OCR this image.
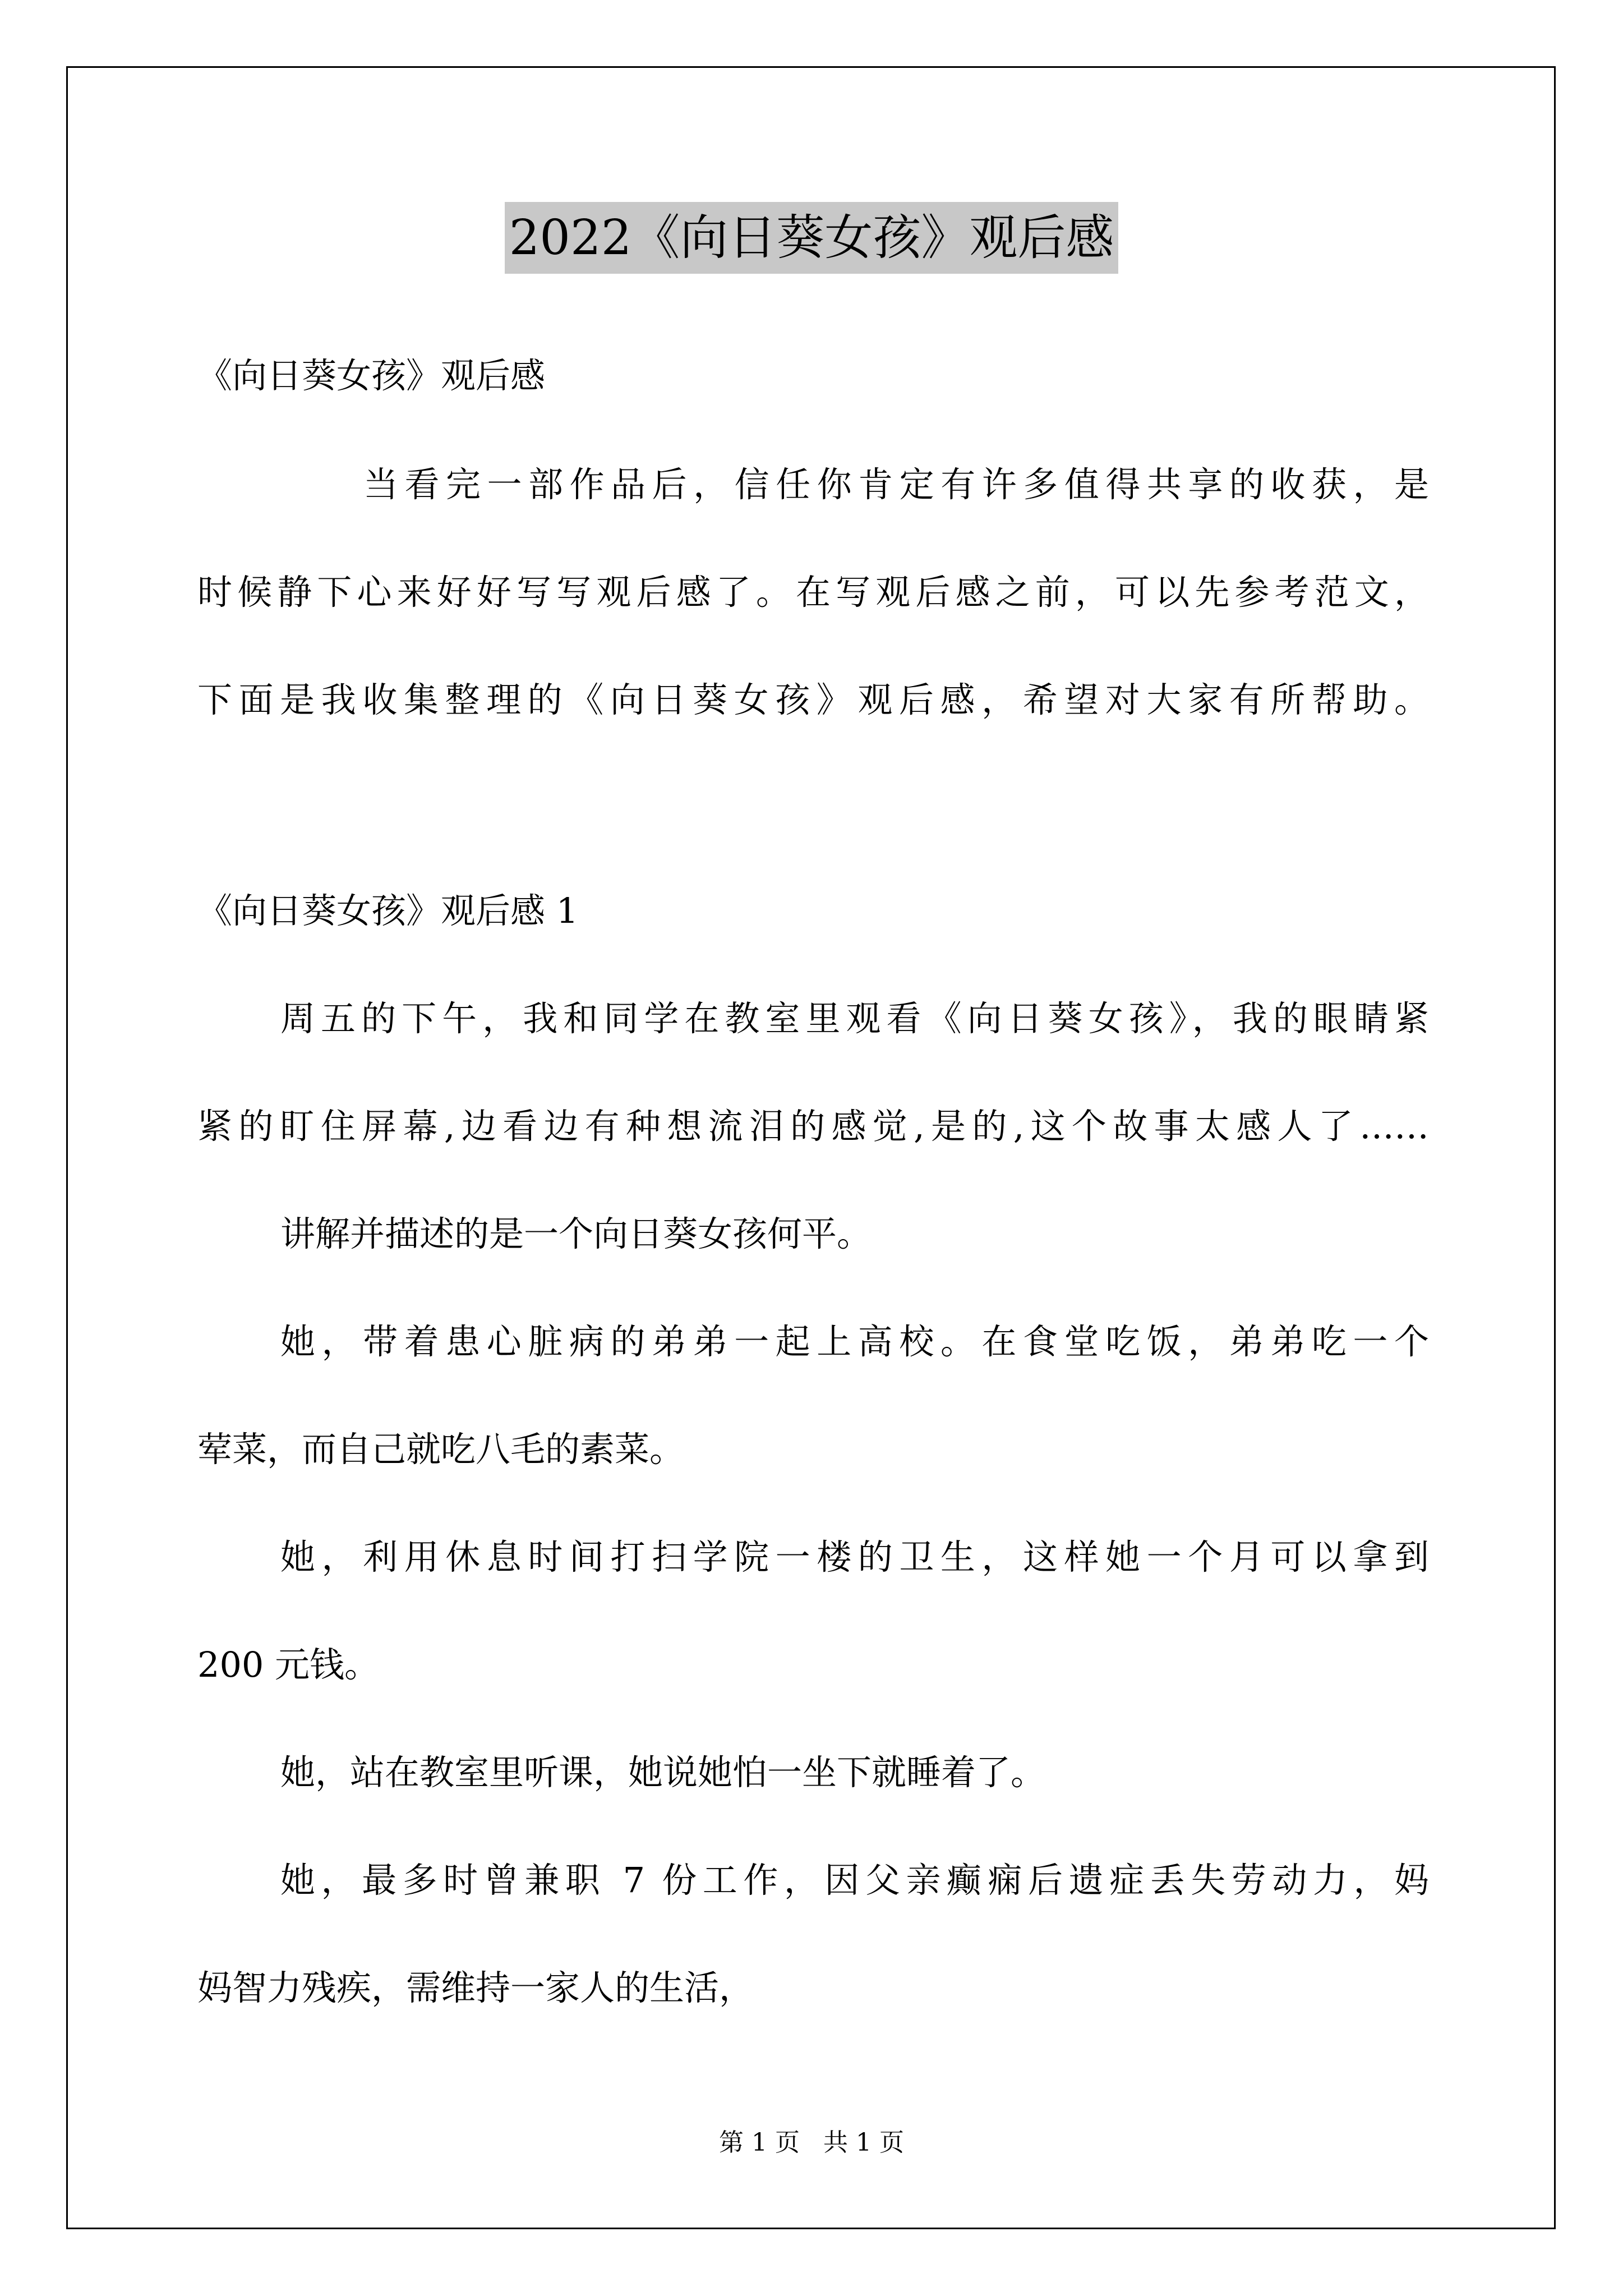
2022《向日葵女孩》观后感
《向日葵女孩》观后感
当看完一部作品后，信任你肯定有许多值得共享的收获，是
时候静下心来好好写写观后感了。在写观后感之前，可以先参考范文，
下面是我收集整理的《向日葵女孩》观后感，希望对大家有所帮助。
《向日葵女孩》观后感 1
周五的下午，我和同学在教室里观看《向日葵女孩》，我的眼睛紧
紧的盯住屏幕,边看边有种想流泪的感觉,是的,这个故事太感人了……
讲解并描述的是一个向日葵女孩何平。
她，带着患心脏病的弟弟一起上高校。在食堂吃饭，弟弟吃一个
荤菜，而自己就吃八毛的素菜。
她，利用休息时间打扫学院一楼的卫生，这样她一个月可以拿到
200 元钱。
她，站在教室里听课，她说她怕一坐下就睡着了。
她，最多时曾兼职 7 份工作，因父亲癫痫后遗症丢失劳动力，妈
妈智力残疾，需维持一家人的生活，
第 1 页   共 1 页
